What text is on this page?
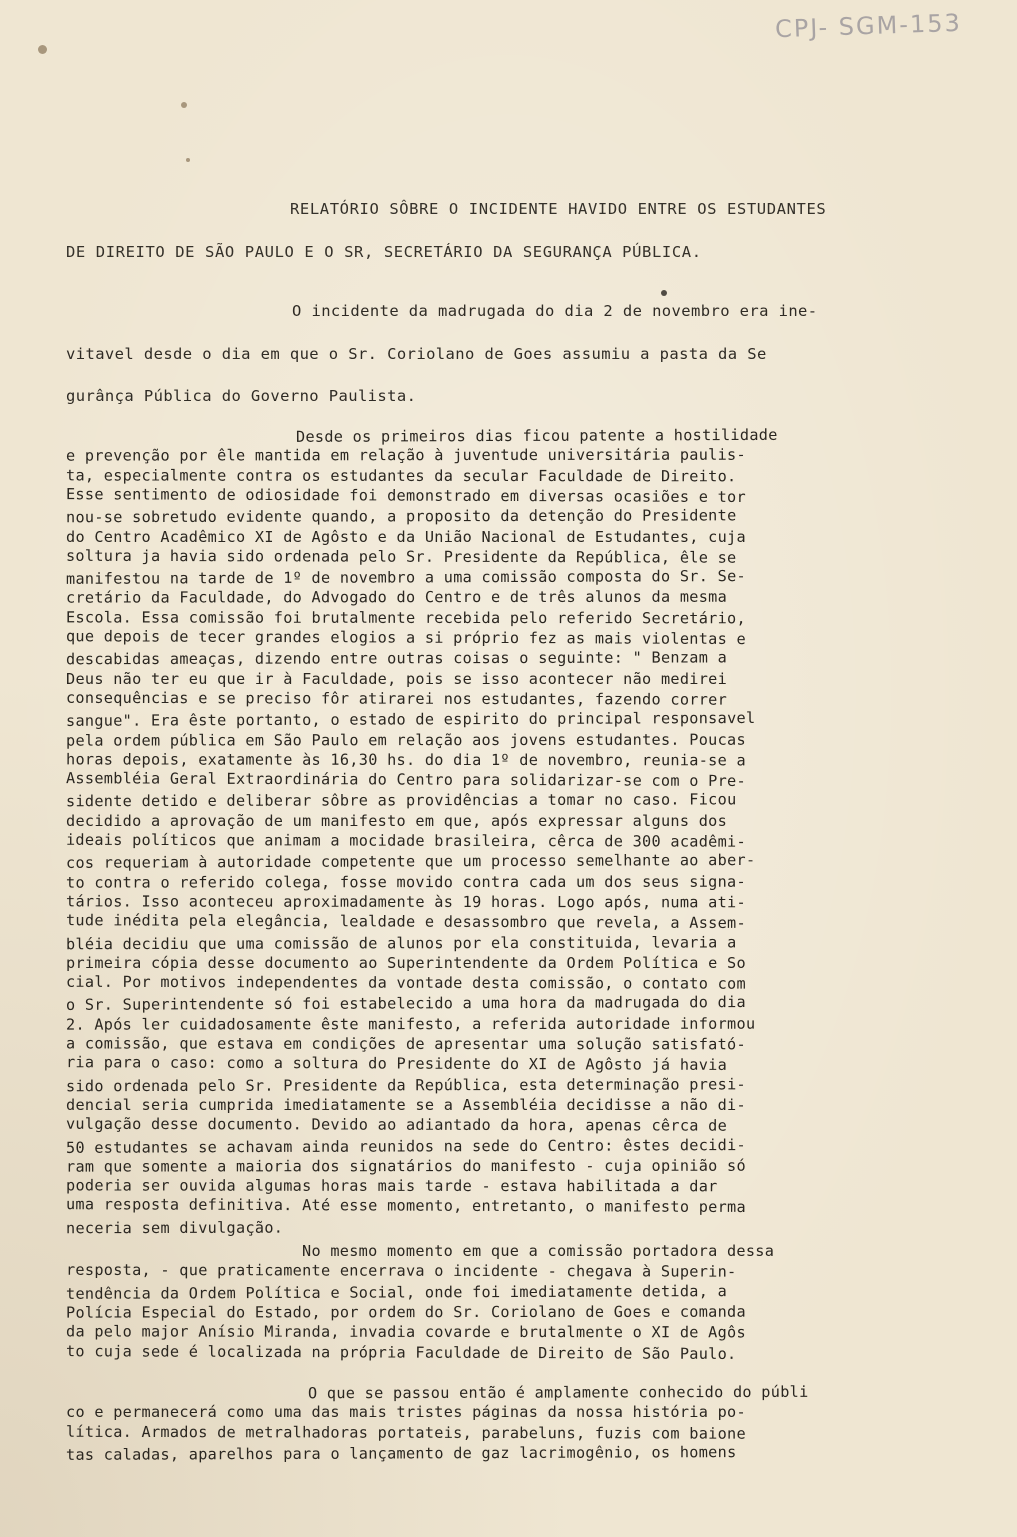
CPJ- SGM-153
RELATÓRIO SÔBRE O INCIDENTE HAVIDO ENTRE OS ESTUDANTES
DE DIREITO DE SÃO PAULO E O SR, SECRETÁRIO DA SEGURANÇA PÚBLICA.
O incidente da madrugada do dia 2 de novembro era ine-
vitavel desde o dia em que o Sr. Coriolano de Goes assumiu a pasta da Se
gurânça Pública do Governo Paulista.
Desde os primeiros dias ficou patente a hostilidade
e prevenção por êle mantida em relação à juventude universitária paulis-
ta, especialmente contra os estudantes da secular Faculdade de Direito.
Esse sentimento de odiosidade foi demonstrado em diversas ocasiões e tor
nou-se sobretudo evidente quando, a proposito da detenção do Presidente
do Centro Acadêmico XI de Agôsto e da União Nacional de Estudantes, cuja
soltura ja havia sido ordenada pelo Sr. Presidente da República, êle se
manifestou na tarde de 1º de novembro a uma comissão composta do Sr. Se-
cretário da Faculdade, do Advogado do Centro e de três alunos da mesma
Escola. Essa comissão foi brutalmente recebida pelo referido Secretário,
que depois de tecer grandes elogios a si próprio fez as mais violentas e
descabidas ameaças, dizendo entre outras coisas o seguinte: " Benzam a
Deus não ter eu que ir à Faculdade, pois se isso acontecer não medirei
consequências e se preciso fôr atirarei nos estudantes, fazendo correr
sangue". Era êste portanto, o estado de espirito do principal responsavel
pela ordem pública em São Paulo em relação aos jovens estudantes. Poucas
horas depois, exatamente às 16,30 hs. do dia 1º de novembro, reunia-se a
Assembléia Geral Extraordinária do Centro para solidarizar-se com o Pre-
sidente detido e deliberar sôbre as providências a tomar no caso. Ficou
decidido a aprovação de um manifesto em que, após expressar alguns dos
ideais políticos que animam a mocidade brasileira, cêrca de 300 acadêmi-
cos requeriam à autoridade competente que um processo semelhante ao aber-
to contra o referido colega, fosse movido contra cada um dos seus signa-
tários. Isso aconteceu aproximadamente às 19 horas. Logo após, numa ati-
tude inédita pela elegância, lealdade e desassombro que revela, a Assem-
bléia decidiu que uma comissão de alunos por ela constituida, levaria a
primeira cópia desse documento ao Superintendente da Ordem Política e So
cial. Por motivos independentes da vontade desta comissão, o contato com
o Sr. Superintendente só foi estabelecido a uma hora da madrugada do dia
2. Após ler cuidadosamente êste manifesto, a referida autoridade informou
a comissão, que estava em condições de apresentar uma solução satisfató-
ria para o caso: como a soltura do Presidente do XI de Agôsto já havia
sido ordenada pelo Sr. Presidente da República, esta determinação presi-
dencial seria cumprida imediatamente se a Assembléia decidisse a não di-
vulgação desse documento. Devido ao adiantado da hora, apenas cêrca de
50 estudantes se achavam ainda reunidos na sede do Centro: êstes decidi-
ram que somente a maioria dos signatários do manifesto - cuja opinião só
poderia ser ouvida algumas horas mais tarde - estava habilitada a dar
uma resposta definitiva. Até esse momento, entretanto, o manifesto perma
neceria sem divulgação.
No mesmo momento em que a comissão portadora dessa
resposta, - que praticamente encerrava o incidente - chegava à Superin-
tendência da Ordem Política e Social, onde foi imediatamente detida, a
Polícia Especial do Estado, por ordem do Sr. Coriolano de Goes e comanda
da pelo major Anísio Miranda, invadia covarde e brutalmente o XI de Agôs
to cuja sede é localizada na própria Faculdade de Direito de São Paulo.
O que se passou então é amplamente conhecido do públi
co e permanecerá como uma das mais tristes páginas da nossa história po-
lítica. Armados de metralhadoras portateis, parabeluns, fuzis com baione
tas caladas, aparelhos para o lançamento de gaz lacrimogênio, os homens
